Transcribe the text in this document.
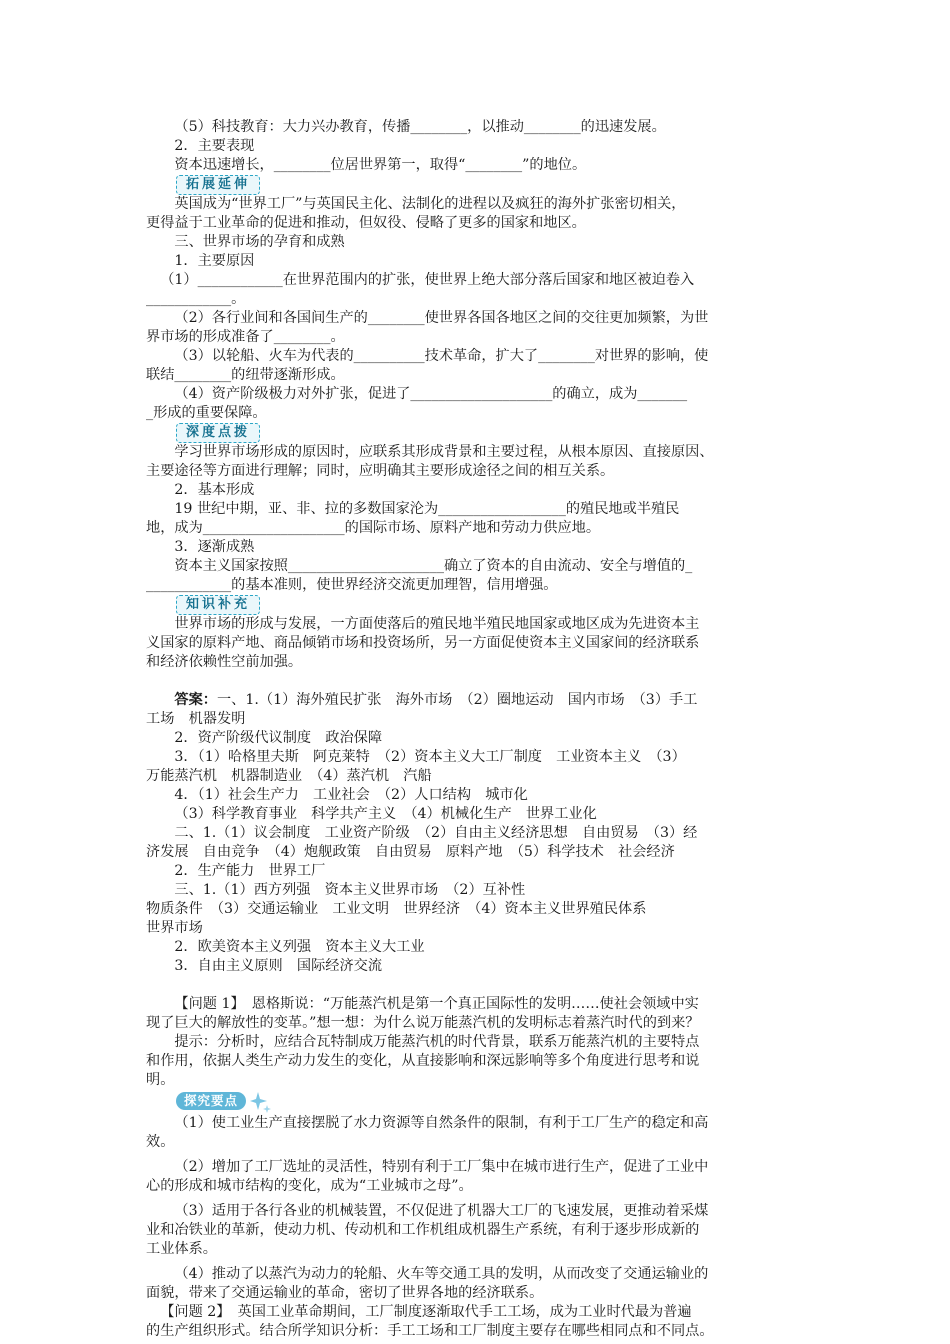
（5）科技教育：大力兴办教育，传播________，以推动________的迅速发展。

2．主要表现

资本迅速增长，________位居世界第一，取得“________”的地位。

拓展延伸

英国成为“世界工厂”与英国民主化、法制化的进程以及疯狂的海外扩张密切相关，

更得益于工业革命的促进和推动，但奴役、侵略了更多的国家和地区。

三、世界市场的孕育和成熟

1．主要原因

（1）____________在世界范围内的扩张，使世界上绝大部分落后国家和地区被迫卷入

____________。

（2）各行业间和各国间生产的________使世界各国各地区之间的交往更加频繁，为世

界市场的形成准备了________。

（3）以轮船、火车为代表的__________技术革命，扩大了________对世界的影响，使

联结________的纽带逐渐形成。

（4）资产阶级极力对外扩张，促进了____________________的确立，成为_______

_形成的重要保障。

深度点拨

学习世界市场形成的原因时，应联系其形成背景和主要过程，从根本原因、直接原因、

主要途径等方面进行理解；同时，应明确其主要形成途径之间的相互关系。

2．基本形成

19 世纪中期，亚、非、拉的多数国家沦为__________________的殖民地或半殖民

地，成为____________________的国际市场、原料产地和劳动力供应地。

3．逐渐成熟

资本主义国家按照______________________确立了资本的自由流动、安全与增值的_

____________的基本准则，使世界经济交流更加理智，信用增强。

知识补充

世界市场的形成与发展，一方面使落后的殖民地半殖民地国家或地区成为先进资本主

义国家的原料产地、商品倾销市场和投资场所，另一方面促使资本主义国家间的经济联系

和经济依赖性空前加强。

答案：一、1.（1）海外殖民扩张　海外市场　（2）圈地运动　国内市场　（3）手工

工场　机器发明

2．资产阶级代议制度　政治保障

3．（1）哈格里夫斯　阿克莱特　（2）资本主义大工厂制度　工业资本主义　（3）

万能蒸汽机　机器制造业　（4）蒸汽机　汽船

4．（1）社会生产力　工业社会　（2）人口结构　城市化

（3）科学教育事业　科学共产主义　（4）机械化生产　世界工业化

二、1.（1）议会制度　工业资产阶级　（2）自由主义经济思想　自由贸易　（3）经

济发展　自由竞争　（4）炮舰政策　自由贸易　原料产地　（5）科学技术　社会经济

2．生产能力　世界工厂

三、1.（1）西方列强　资本主义世界市场　（2）互补性

物质条件　（3）交通运输业　工业文明　世界经济　（4）资本主义世界殖民体系

世界市场

2．欧美资本主义列强　资本主义大工业

3．自由主义原则　国际经济交流

【问题 1】　恩格斯说：“万能蒸汽机是第一个真正国际性的发明……使社会领域中实

现了巨大的解放性的变革。”想一想：为什么说万能蒸汽机的发明标志着蒸汽时代的到来？

提示：分析时，应结合瓦特制成万能蒸汽机的时代背景，联系万能蒸汽机的主要特点

和作用，依据人类生产动力发生的变化，从直接影响和深远影响等多个角度进行思考和说

明。

探究要点

（1）使工业生产直接摆脱了水力资源等自然条件的限制，有利于工厂生产的稳定和高

效。

（2）增加了工厂选址的灵活性，特别有利于工厂集中在城市进行生产，促进了工业中

心的形成和城市结构的变化，成为“工业城市之母”。

（3）适用于各行各业的机械装置，不仅促进了机器大工厂的飞速发展，更推动着采煤

业和冶铁业的革新，使动力机、传动机和工作机组成机器生产系统，有利于逐步形成新的

工业体系。

（4）推动了以蒸汽为动力的轮船、火车等交通工具的发明，从而改变了交通运输业的

面貌，带来了交通运输业的革命，密切了世界各地的经济联系。

【问题 2】　英国工业革命期间，工厂制度逐渐取代手工工场，成为工业时代最为普遍

的生产组织形式。结合所学知识分析：手工工场和工厂制度主要存在哪些相同点和不同点。
